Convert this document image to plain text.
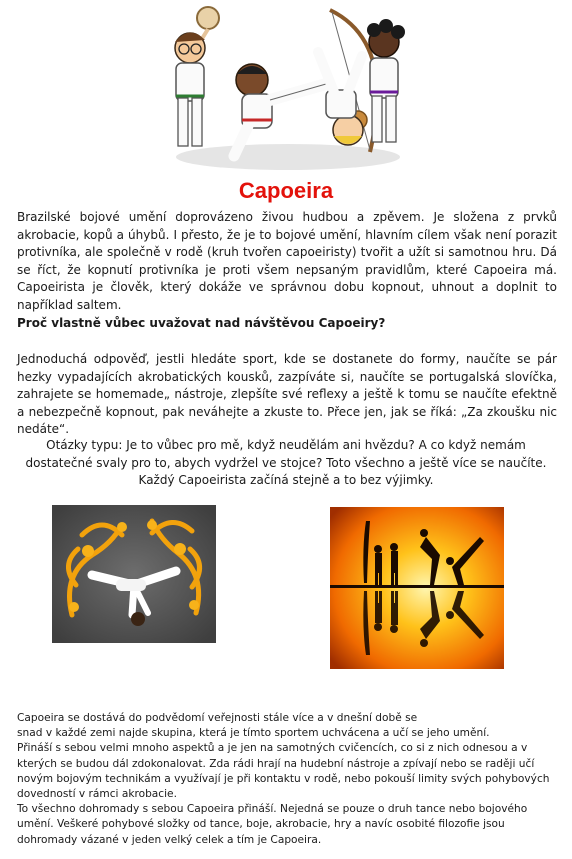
Capoeira

Brazilské bojové umění doprovázeno živou hudbou a zpěvem. Je složena z prvků akrobacie, kopů a úhybů. I přesto, že je to bojové umění, hlavním cílem však není porazit protivníka, ale společně v rodě (kruh tvořen capoeiristy) tvořit a užít si samotnou hru. Dá se říct, že kopnutí protivníka je proti všem nepsaným pravidlům, které Capoeira má. Capoeirista je člověk, který dokáže ve správnou dobu kopnout, uhnout a doplnit to například saltem.

Proč vlastně vůbec uvažovat nad návštěvou Capoeiry?

Jednoduchá odpověď, jestli hledáte sport, kde se dostanete do formy, naučíte se pár hezky vypadajících akrobatických kousků, zazpíváte si, naučíte se portugalská slovíčka, zahrajete se homemade„ nástroje, zlepšíte své reflexy a ještě k tomu se naučíte efektně a nebezpečně kopnout, pak neváhejte a zkuste to. Přece jen, jak se říká: „Za zkoušku nic nedáte“.

Otázky typu: Je to vůbec pro mě, když neudělám ani hvězdu? A co když nemám dostatečné svaly pro to, abych vydržel ve stojce? Toto všechno a ještě více se naučíte. Každý Capoeirista začíná stejně a to bez výjimky.

Capoeira se dostává do podvědomí veřejnosti stále více a v dnešní době se
snad v každé zemi najde skupina, která je tímto sportem uchvácena a učí se jeho umění.
Přináší s sebou velmi mnoho aspektů a je jen na samotných cvičencích, co si z nich odnesou a v
kterých se budou dál zdokonalovat. Zda rádi hrají na hudební nástroje a zpívají nebo se raději učí
novým bojovým technikám a využívají je při kontaktu v rodě, nebo pokouší limity svých pohybových
dovedností v rámci akrobacie.
To všechno dohromady s sebou Capoeira přináší. Nejedná se pouze o druh tance nebo bojového
umění. Veškeré pohybové složky od tance, boje, akrobacie, hry a navíc osobité filozofie jsou
dohromady vázané v jeden velký celek a tím je Capoeira.
